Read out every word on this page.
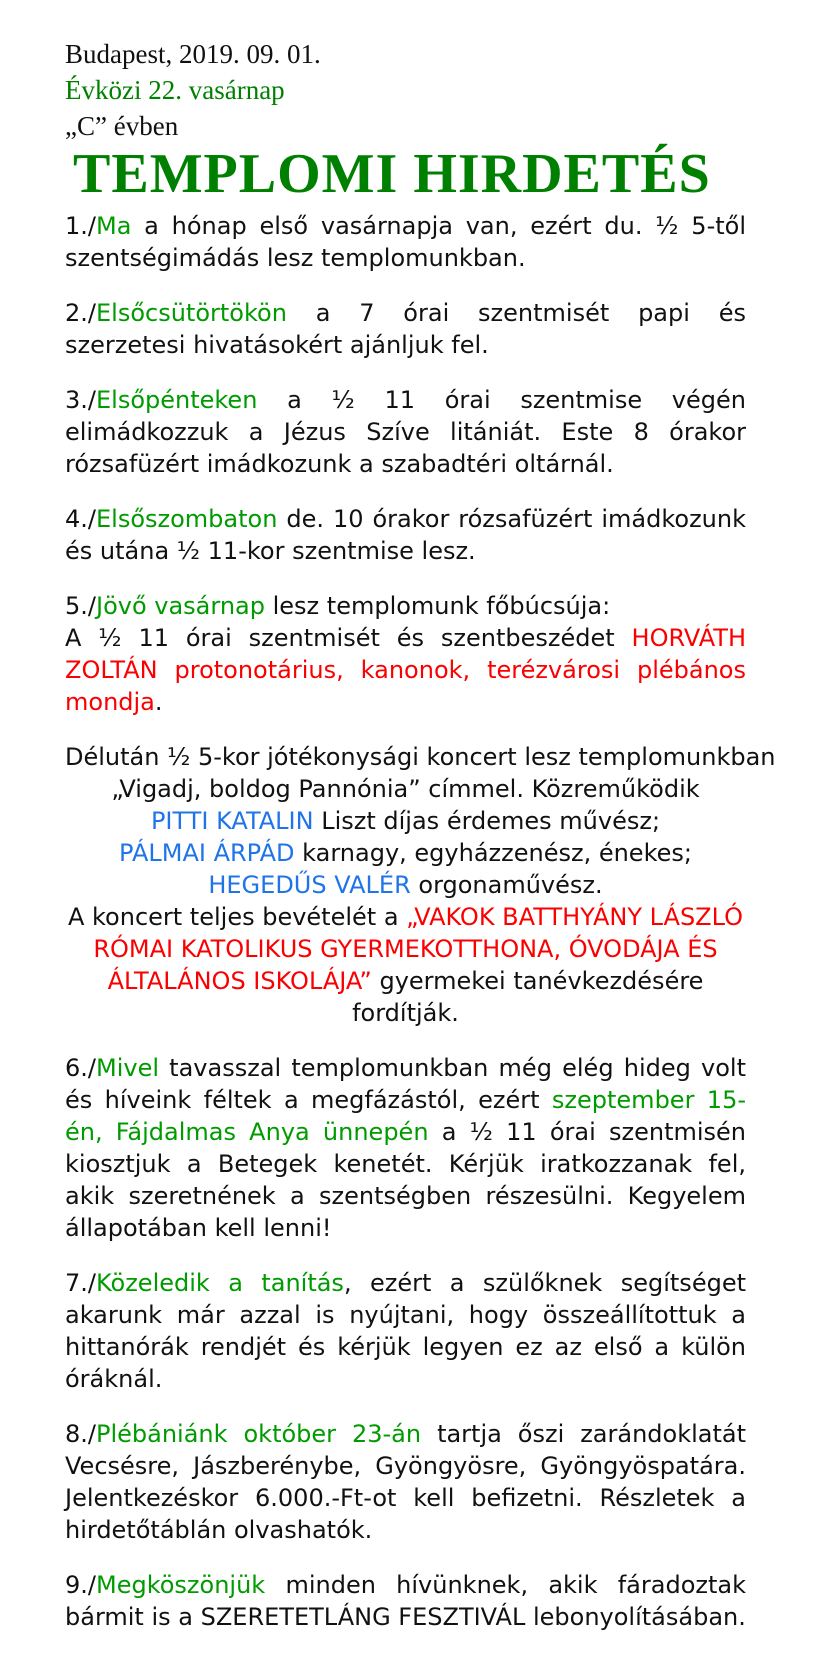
Budapest, 2019. 09. 01.
Évközi 22. vasárnap
„C” évben
TEMPLOMI HIRDETÉS

1./Ma a hónap első vasárnapja van, ezért du. ½ 5-től szentségimádás lesz templomunkban.

2./Elsőcsütörtökön a 7 órai szentmisét papi és szerzetesi hivatásokért ajánljuk fel.

3./Elsőpénteken a ½ 11 órai szentmise végén elimádkozzuk a Jézus Szíve litániát. Este 8 órakor rózsafüzért imádkozunk a szabadtéri oltárnál.

4./Elsőszombaton de. 10 órakor rózsafüzért imádkozunk és utána ½ 11-kor szentmise lesz.

5./Jövő vasárnap lesz templomunk főbúcsúja:

A ½ 11 órai szentmisét és szentbeszédet HORVÁTH ZOLTÁN protonotárius, kanonok, terézvárosi plébános mondja.

Délután ½ 5-kor jótékonysági koncert lesz templomunkban
„Vigadj, boldog Pannónia” címmel. Közreműködik
PITTI KATALIN Liszt díjas érdemes művész;
PÁLMAI ÁRPÁD karnagy, egyházzenész, énekes;
HEGEDŰS VALÉR orgonaművész.
A koncert teljes bevételét a „VAKOK BATTHYÁNY LÁSZLÓ
RÓMAI KATOLIKUS GYERMEKOTTHONA, ÓVODÁJA ÉS
ÁLTALÁNOS ISKOLÁJA” gyermekei tanévkezdésére
fordítják.

6./Mivel tavasszal templomunkban még elég hideg volt és híveink féltek a megfázástól, ezért szeptember 15-én, Fájdalmas Anya ünnepén a ½ 11 órai szentmisén kiosztjuk a Betegek kenetét. Kérjük iratkozzanak fel, akik szeretnének a szentségben részesülni. Kegyelem állapotában kell lenni!

7./Közeledik a tanítás, ezért a szülőknek segítséget akarunk már azzal is nyújtani, hogy összeállítottuk a hittanórák rendjét és kérjük legyen ez az első a külön óráknál.

8./Plébániánk október 23-án tartja őszi zarándoklatát Vecsésre, Jászberénybe, Gyöngyösre, Gyöngyöspatára. Jelentkezéskor 6.000.-Ft-ot kell befizetni. Részletek a hirdetőtáblán olvashatók.

9./Megköszönjük minden hívünknek, akik fáradoztak bármit is a SZERETETLÁNG FESZTIVÁL lebonyolításában.
